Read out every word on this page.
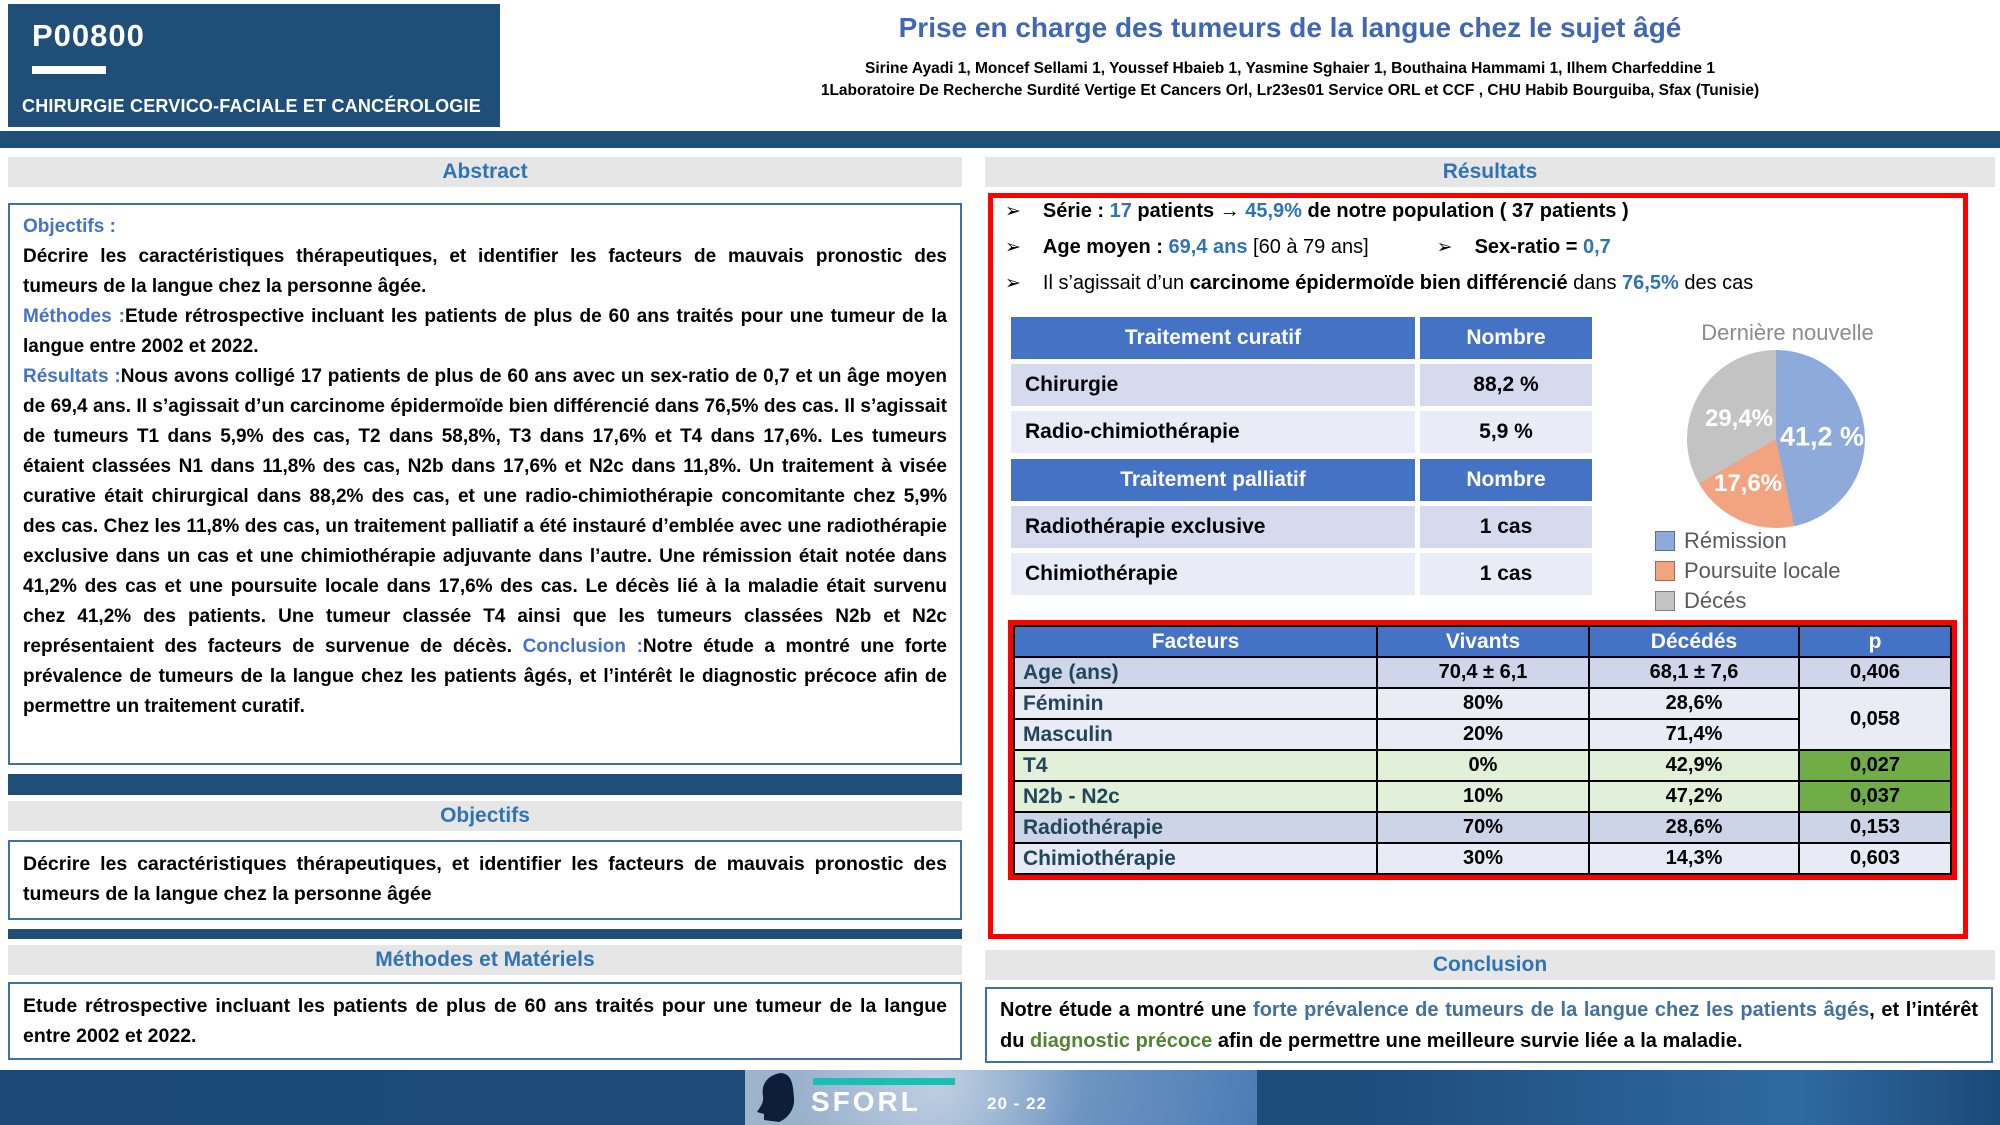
P00800
CHIRURGIE CERVICO-FACIALE ET CANCÉROLOGIE
Prise en charge des tumeurs de la langue chez le sujet âgé
Sirine Ayadi 1, Moncef Sellami 1, Youssef Hbaieb 1, Yasmine Sghaier 1, Bouthaina Hammami 1, Ilhem Charfeddine 1
1Laboratoire De Recherche Surdité Vertige Et Cancers Orl, Lr23es01 Service ORL et CCF , CHU Habib Bourguiba, Sfax (Tunisie)
Abstract
Objectifs :
Décrire les caractéristiques thérapeutiques, et identifier les facteurs de mauvais pronostic des tumeurs de la langue chez la personne âgée.
Méthodes :Etude rétrospective incluant les patients de plus de 60 ans traités pour une tumeur de la langue entre 2002 et 2022.
Résultats :Nous avons colligé 17 patients de plus de 60 ans avec un sex-ratio de 0,7 et un âge moyen de 69,4 ans. Il s’agissait d’un carcinome épidermoïde bien différencié dans 76,5% des cas. Il s’agissait de tumeurs T1 dans 5,9% des cas, T2 dans 58,8%, T3 dans 17,6% et T4 dans 17,6%. Les tumeurs étaient classées N1 dans 11,8% des cas, N2b dans 17,6% et N2c dans 11,8%. Un traitement à visée curative était chirurgical dans 88,2% des cas, et une radio-chimiothérapie concomitante chez 5,9% des cas. Chez les 11,8% des cas, un traitement palliatif a été instauré d’emblée avec une radiothérapie exclusive dans un cas et une chimiothérapie adjuvante dans l’autre. Une rémission était notée dans 41,2% des cas et une poursuite locale dans 17,6% des cas. Le décès lié à la maladie était survenu chez 41,2% des patients. Une tumeur classée T4 ainsi que les tumeurs classées N2b et N2c représentaient des facteurs de survenue de décès. Conclusion :Notre étude a montré une forte prévalence de tumeurs de la langue chez les patients âgés, et l’intérêt le diagnostic précoce afin de permettre un traitement curatif.
Objectifs
Décrire les caractéristiques thérapeutiques, et identifier les facteurs de mauvais pronostic des tumeurs de la langue chez la personne âgée
Méthodes et Matériels
Etude rétrospective incluant les patients de plus de 60 ans traités pour une tumeur de la langue entre 2002 et 2022.
Résultats
➢ Série : 17 patients → 45,9% de notre population ( 37 patients )
➢ Age moyen : 69,4 ans [60 à 79 ans]	➢ Sex-ratio = 0,7
➢ Il s’agissait d’un carcinome épidermoïde bien différencié dans 76,5% des cas
Traitement curatif	Nombre
Chirurgie	88,2 %
Radio-chimiothérapie	5,9 %
Traitement palliatif	Nombre
Radiothérapie exclusive	1 cas
Chimiothérapie	1 cas
Dernière nouvelle
41,2 %
17,6%
29,4%
Rémission
Poursuite locale
Décés
Facteurs	Vivants	Décédés	p
Age (ans)	70,4 ± 6,1	68,1 ± 7,6	0,406
Féminin	80%	28,6%	0,058
Masculin	20%	71,4%	
T4	0%	42,9%	0,027
N2b - N2c	10%	47,2%	0,037
Radiothérapie	70%	28,6%	0,153
Chimiothérapie	30%	14,3%	0,603
Conclusion
Notre étude a montré une forte prévalence de tumeurs de la langue chez les patients âgés, et l’intérêt du diagnostic précoce afin de permettre une meilleure survie liée a la maladie.
SFORL	20 - 22
